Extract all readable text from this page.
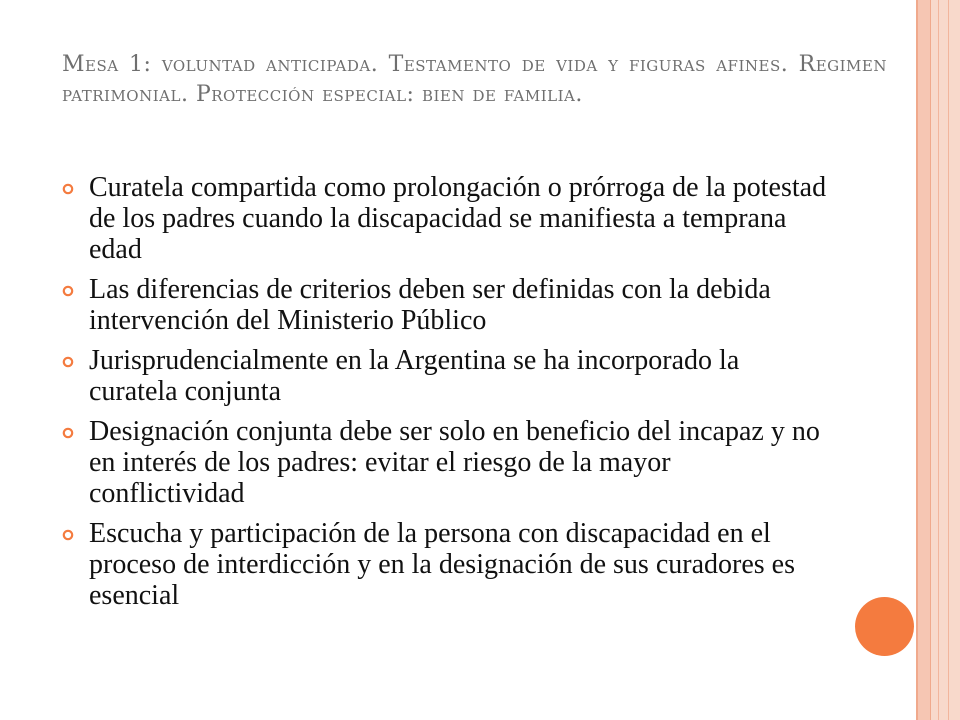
Mesa 1: voluntad anticipada. Testamento de vida y figuras afines. Regimen patrimonial. Protección especial: bien de familia.
Curatela compartida como prolongación o prórroga de la potestad de los padres cuando la discapacidad se manifiesta a temprana edad
Las diferencias de criterios deben ser definidas con la debida intervención del Ministerio Público
Jurisprudencialmente en la Argentina se ha incorporado la curatela conjunta
Designación conjunta debe ser solo en beneficio del incapaz y no en interés de los padres: evitar el riesgo de la mayor conflictividad
Escucha y participación de la persona con discapacidad en el proceso de interdicción y en la designación de sus curadores es esencial
